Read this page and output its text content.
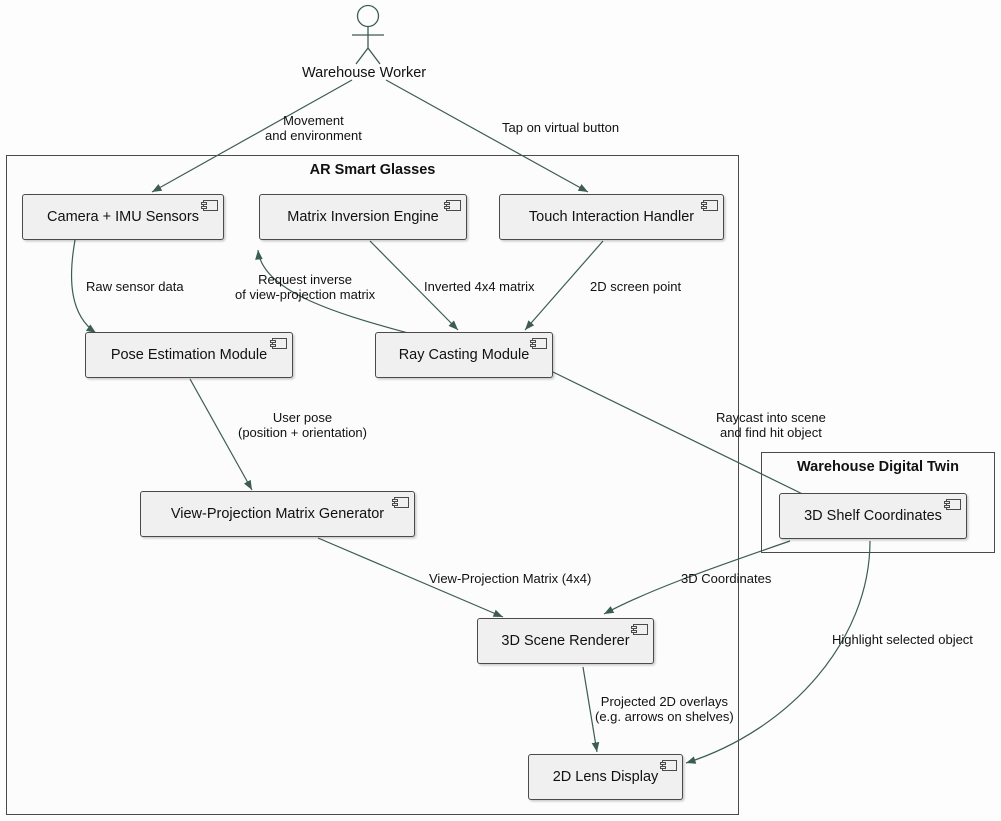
AR Smart Glasses
Warehouse Digital Twin
Warehouse Worker
Camera + IMU Sensors	Matrix Inversion Engine	Touch Interaction Handler
Pose Estimation Module	Ray Casting Module
View-Projection Matrix Generator
3D Scene Renderer
2D Lens Display
3D Shelf Coordinates
Movement
and environment
Tap on virtual button
Raw sensor data	Request inverse
of view-projection matrix
Inverted 4x4 matrix	2D screen point
User pose
(position + orientation)
Raycast into scene
and find hit object
View-Projection Matrix (4x4)	3D Coordinates
Projected 2D overlays
(e.g. arrows on shelves)
Highlight selected object
